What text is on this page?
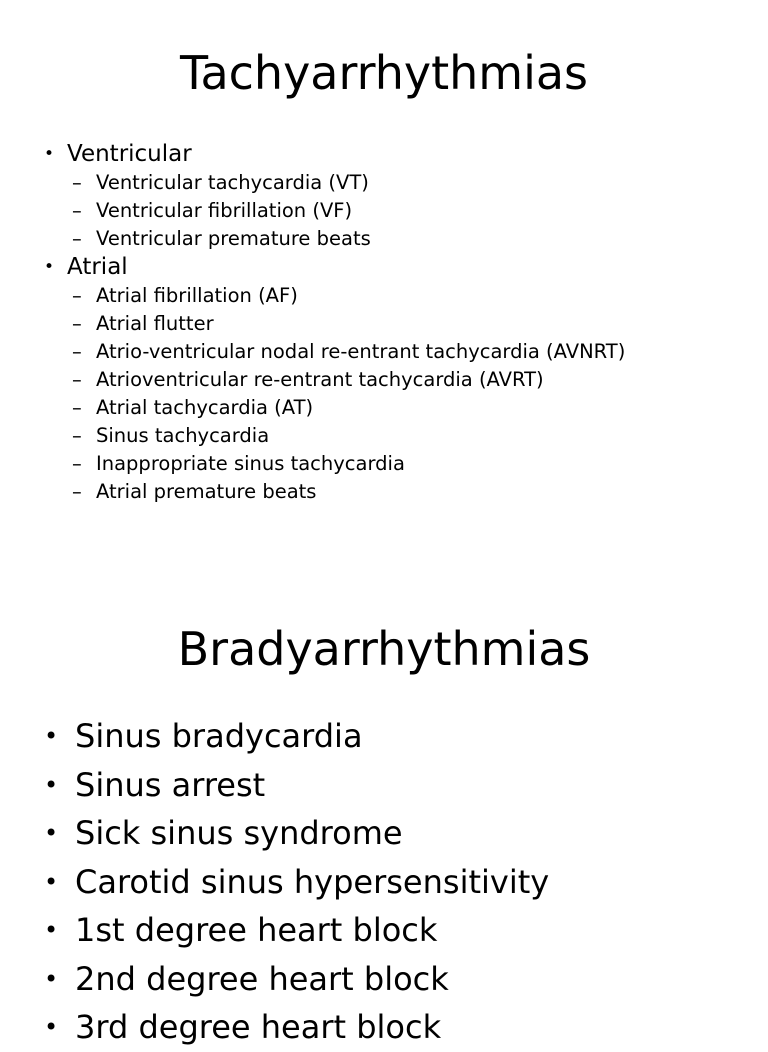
Tachyarrhythmias
• Ventricular
– Ventricular tachycardia (VT)
– Ventricular fibrillation (VF)
– Ventricular premature beats
• Atrial
– Atrial fibrillation (AF)
– Atrial flutter
– Atrio-ventricular nodal re-entrant tachycardia (AVNRT)
– Atrioventricular re-entrant tachycardia (AVRT)
– Atrial tachycardia (AT)
– Sinus tachycardia
– Inappropriate sinus tachycardia
– Atrial premature beats
Bradyarrhythmias
• Sinus bradycardia
• Sinus arrest
• Sick sinus syndrome
• Carotid sinus hypersensitivity
• 1st degree heart block
• 2nd degree heart block
• 3rd degree heart block
